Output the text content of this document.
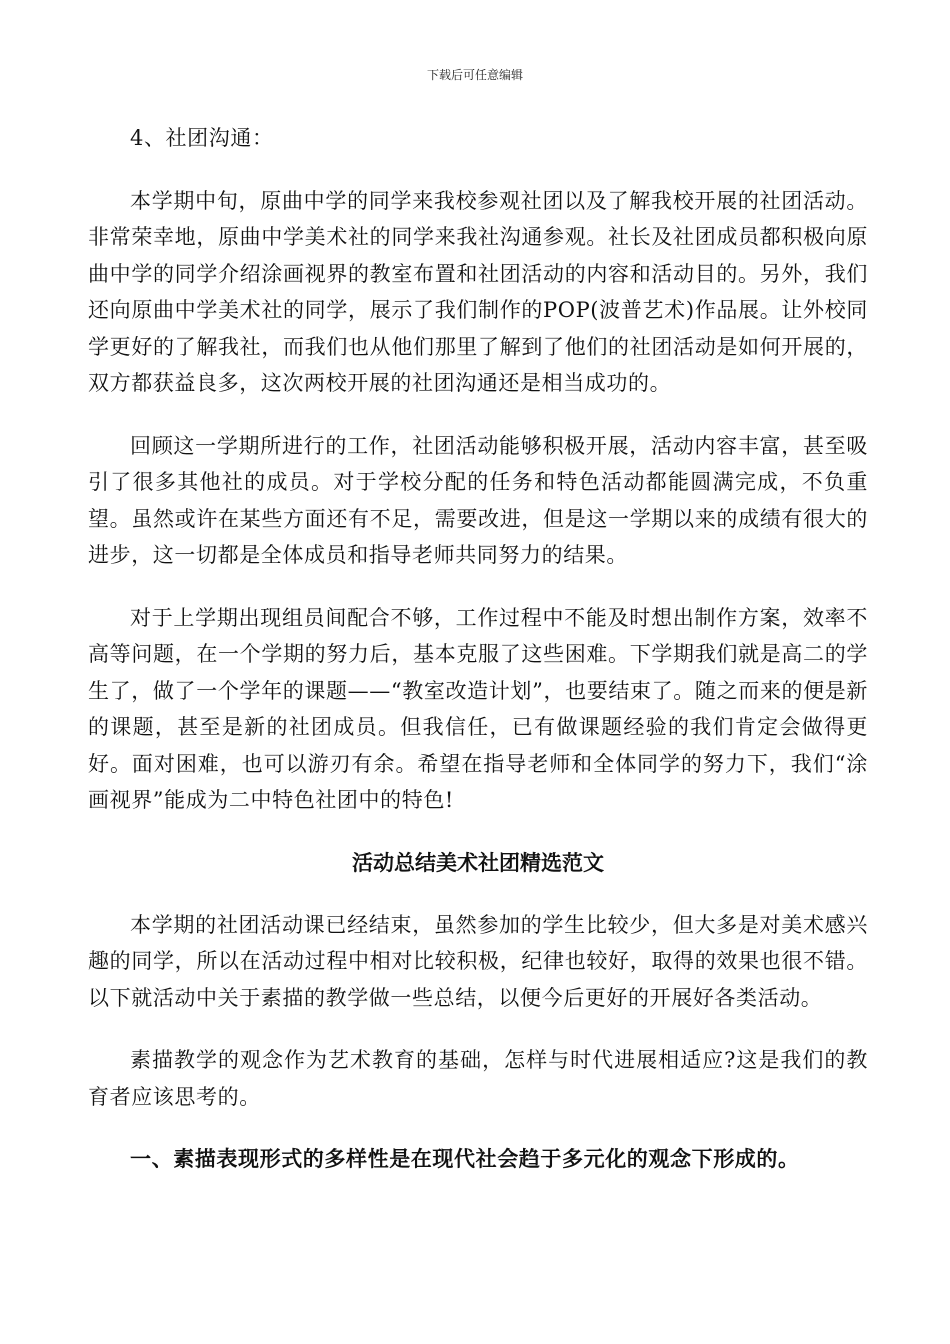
下载后可任意编辑

4、社团沟通：

本学期中旬，原曲中学的同学来我校参观社团以及了解我校开展的社团活动。非常荣幸地，原曲中学美术社的同学来我社沟通参观。社长及社团成员都积极向原曲中学的同学介绍涂画视界的教室布置和社团活动的内容和活动目的。另外，我们还向原曲中学美术社的同学，展示了我们制作的POP(波普艺术)作品展。让外校同学更好的了解我社，而我们也从他们那里了解到了他们的社团活动是如何开展的，双方都获益良多，这次两校开展的社团沟通还是相当成功的。

回顾这一学期所进行的工作，社团活动能够积极开展，活动内容丰富，甚至吸引了很多其他社的成员。对于学校分配的任务和特色活动都能圆满完成，不负重望。虽然或许在某些方面还有不足，需要改进，但是这一学期以来的成绩有很大的进步，这一切都是全体成员和指导老师共同努力的结果。

对于上学期出现组员间配合不够，工作过程中不能及时想出制作方案，效率不高等问题，在一个学期的努力后，基本克服了这些困难。下学期我们就是高二的学生了，做了一个学年的课题——“教室改造计划”，也要结束了。随之而来的便是新的课题，甚至是新的社团成员。但我信任，已有做课题经验的我们肯定会做得更好。面对困难，也可以游刃有余。希望在指导老师和全体同学的努力下，我们“涂画视界”能成为二中特色社团中的特色!

活动总结美术社团精选范文

本学期的社团活动课已经结束，虽然参加的学生比较少，但大多是对美术感兴趣的同学，所以在活动过程中相对比较积极，纪律也较好，取得的效果也很不错。以下就活动中关于素描的教学做一些总结，以便今后更好的开展好各类活动。

素描教学的观念作为艺术教育的基础，怎样与时代进展相适应?这是我们的教育者应该思考的。

一、素描表现形式的多样性是在现代社会趋于多元化的观念下形成的。
